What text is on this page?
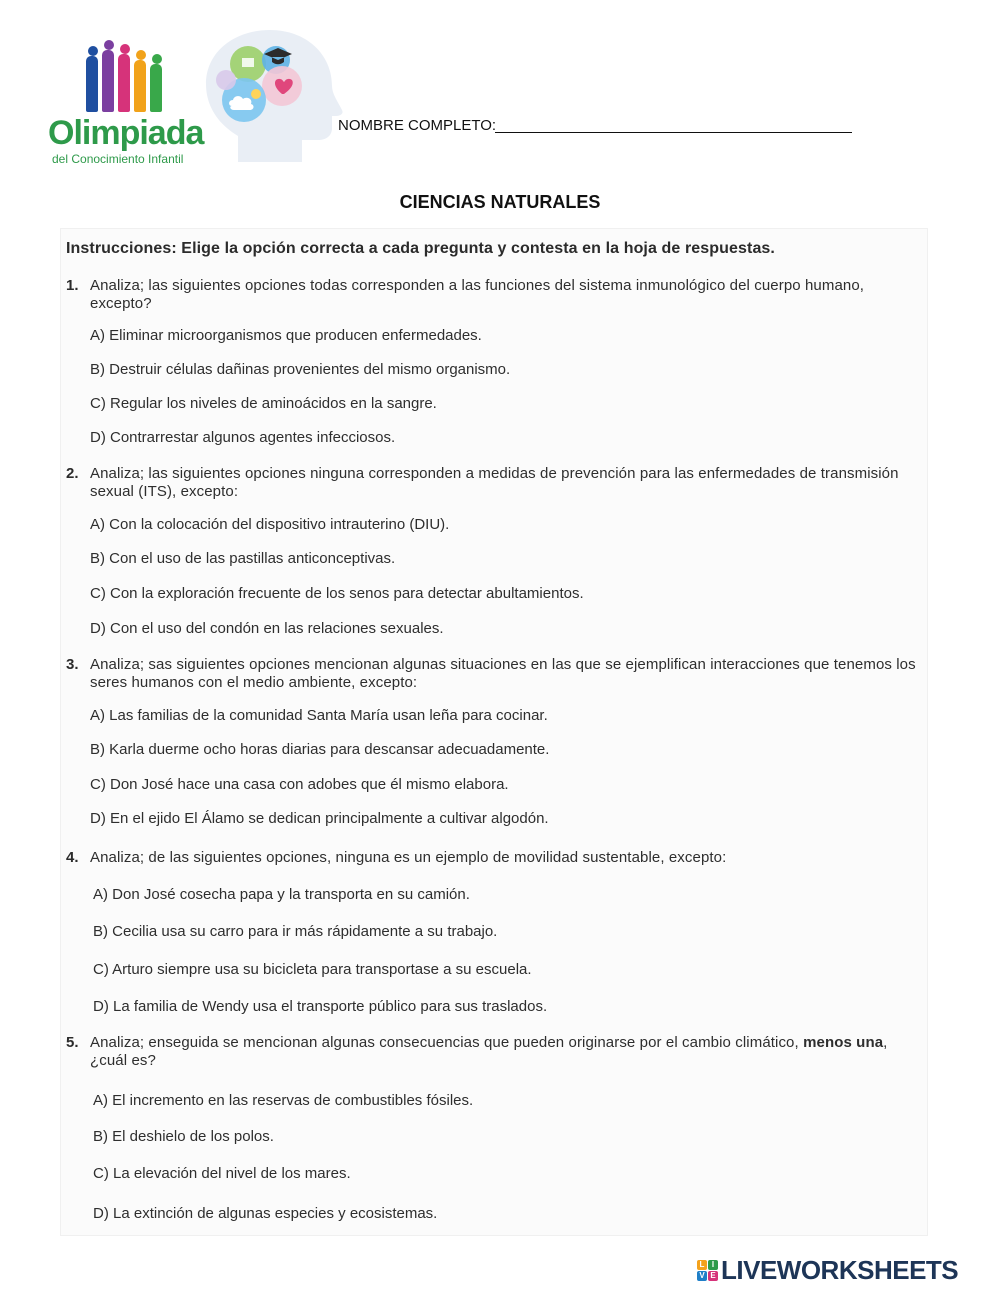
Olimpiada
del Conocimiento Infantil
NOMBRE COMPLETO:
CIENCIAS NATURALES
Instrucciones: Elige la opción correcta a cada pregunta y contesta en la hoja de respuestas.
1. Analiza; las siguientes opciones todas corresponden a las funciones del sistema inmunológico del cuerpo humano, excepto?
A) Eliminar microorganismos que producen enfermedades.
B) Destruir células dañinas provenientes del mismo organismo.
C) Regular los niveles de aminoácidos en la sangre.
D) Contrarrestar algunos agentes infecciosos.
2. Analiza; las siguientes opciones ninguna corresponden a medidas de prevención para las enfermedades de transmisión sexual (ITS), excepto:
A) Con la colocación del dispositivo intrauterino (DIU).
B) Con el uso de las pastillas anticonceptivas.
C) Con la exploración frecuente de los senos para detectar abultamientos.
D) Con el uso del condón en las relaciones sexuales.
3. Analiza; sas siguientes opciones mencionan algunas situaciones en las que se ejemplifican interacciones que tenemos los seres humanos con el medio ambiente, excepto:
A) Las familias de la comunidad Santa María usan leña para cocinar.
B) Karla duerme ocho horas diarias para descansar adecuadamente.
C) Don José hace una casa con adobes que él mismo elabora.
D) En el ejido El Álamo se dedican principalmente a cultivar algodón.
4. Analiza; de las siguientes opciones, ninguna es un ejemplo de movilidad sustentable, excepto:
A) Don José cosecha papa y la transporta en su camión.
B) Cecilia usa su carro para ir más rápidamente a su trabajo.
C) Arturo siempre usa su bicicleta para transportase a su escuela.
D) La familia de Wendy usa el transporte público para sus traslados.
5. Analiza; enseguida se mencionan algunas consecuencias que pueden originarse por el cambio climático, menos una, ¿cuál es?
A) El incremento en las reservas de combustibles fósiles.
B) El deshielo de los polos.
C) La elevación del nivel de los mares.
D) La extinción de algunas especies y ecosistemas.
L I
V E LIVEWORKSHEETS
